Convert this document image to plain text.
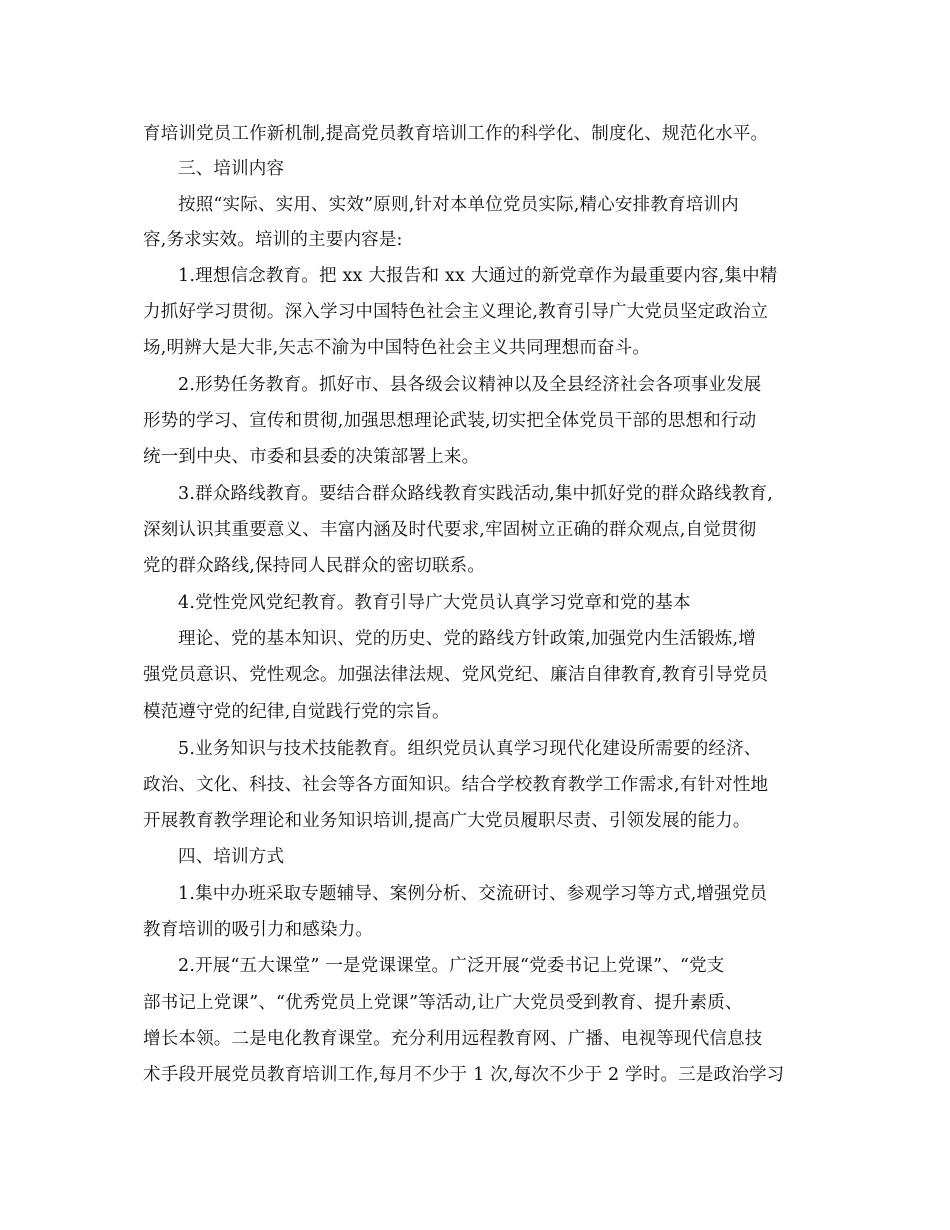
育培训党员工作新机制,提高党员教育培训工作的科学化、制度化、规范化水平。
三、培训内容
按照“实际、实用、实效”原则,针对本单位党员实际,精心安排教育培训内
容,务求实效。培训的主要内容是:
1.理想信念教育。把 xx 大报告和 xx 大通过的新党章作为最重要内容,集中精
力抓好学习贯彻。深入学习中国特色社会主义理论,教育引导广大党员坚定政治立
场,明辨大是大非,矢志不渝为中国特色社会主义共同理想而奋斗。
2.形势任务教育。抓好市、县各级会议精神以及全县经济社会各项事业发展
形势的学习、宣传和贯彻,加强思想理论武装,切实把全体党员干部的思想和行动
统一到中央、市委和县委的决策部署上来。
3.群众路线教育。要结合群众路线教育实践活动,集中抓好党的群众路线教育,
深刻认识其重要意义、丰富内涵及时代要求,牢固树立正确的群众观点,自觉贯彻
党的群众路线,保持同人民群众的密切联系。
4.党性党风党纪教育。教育引导广大党员认真学习党章和党的基本
理论、党的基本知识、党的历史、党的路线方针政策,加强党内生活锻炼,增
强党员意识、党性观念。加强法律法规、党风党纪、廉洁自律教育,教育引导党员
模范遵守党的纪律,自觉践行党的宗旨。
5.业务知识与技术技能教育。组织党员认真学习现代化建设所需要的经济、
政治、文化、科技、社会等各方面知识。结合学校教育教学工作需求,有针对性地
开展教育教学理论和业务知识培训,提高广大党员履职尽责、引领发展的能力。
四、培训方式
1.集中办班采取专题辅导、案例分析、交流研讨、参观学习等方式,增强党员
教育培训的吸引力和感染力。
2.开展“五大课堂” 一是党课课堂。广泛开展“党委书记上党课”、“党支
部书记上党课”、“优秀党员上党课”等活动,让广大党员受到教育、提升素质、
增长本领。二是电化教育课堂。充分利用远程教育网、广播、电视等现代信息技
术手段开展党员教育培训工作,每月不少于 1 次,每次不少于 2 学时。三是政治学习
